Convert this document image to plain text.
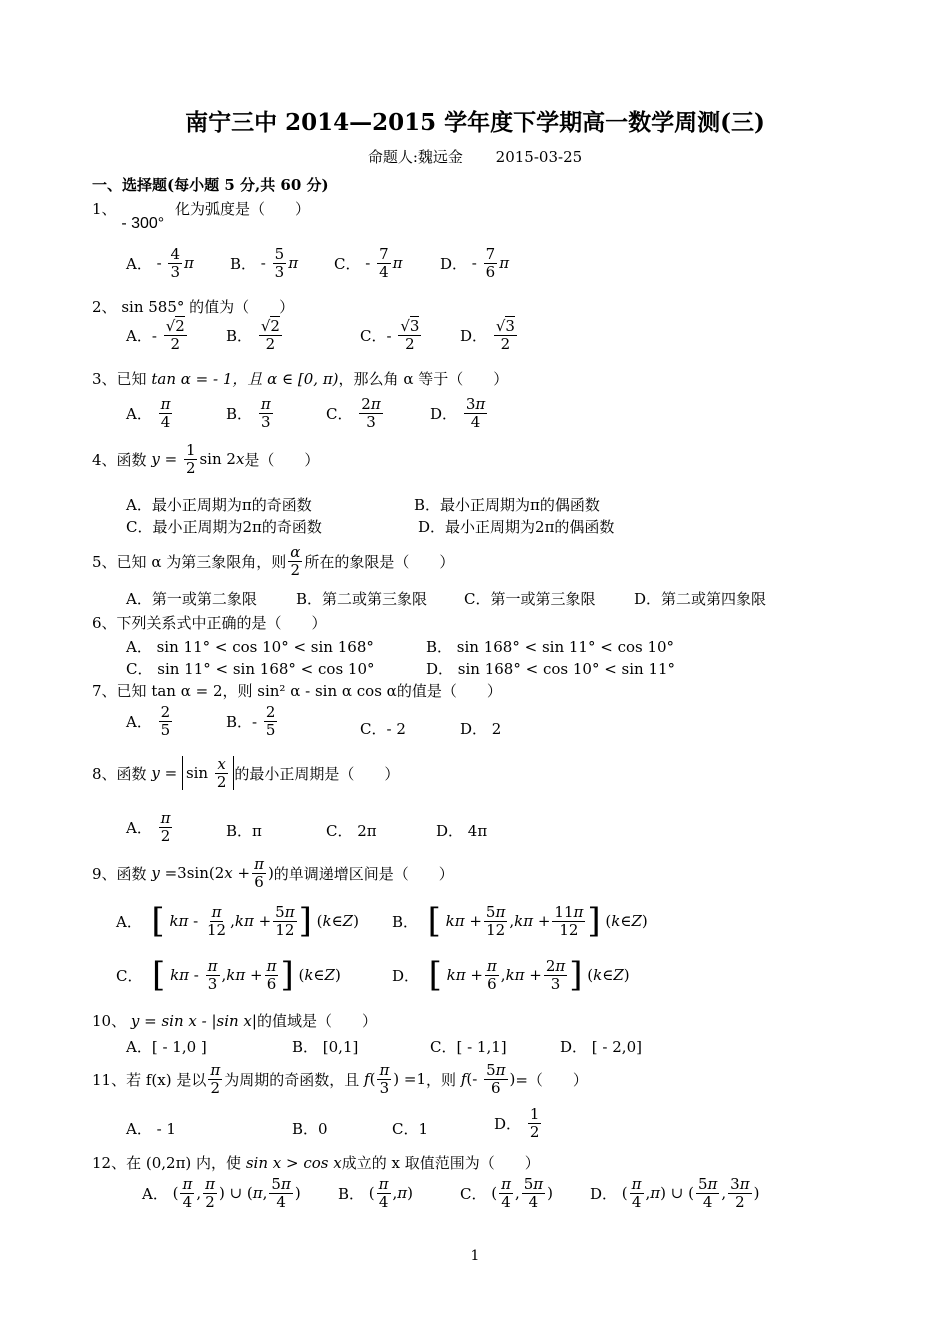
南宁三中 2014—2015 学年度下学期高一数学周测(三)
命题人:魏远金 2015-03-25
一、选择题(每小题 5 分,共 60 分)
1、 - 300° 化为弧度是（　　）
A． - $\frac{4}{3}$ π B． - $\frac{5}{3}$ π C． - $\frac{7}{4}$ π	D． - $\frac{7}{6}$ π
2、 sin 585° 的值为（　　）
A．-
$\frac{√2}{2}$	B．
$\frac{√2}{2}$	C．-
$\frac{√3}{2}$	D．
$\frac{√3}{2}$
3、已知 tan α = - 1，且 α ∈ [0, π)，那么角 α 等于（　　）
A．
$\frac{\pi}{4}$	B．
$\frac{\pi}{3}$	C．
$\frac{2\pi}{3}$	D．
$\frac{3\pi}{4}$
4、 函数
$y = \frac{1}{2}$ sin 2 x 是（　　）
A．最小正周期为π的奇函数	B．最小正周期为π的偶函数
C．最小正周期为2π的奇函数	D．最小正周期为2π的偶函数
5、 已知 α 为第三象限角，则 $\frac{\alpha}{2}$ 所在的象限是（　　）
A．第一或第二象限	B．第二或第三象限 C．第一或第三象限	D．第二或第四象限
6、下列关系式中正确的是（　　）
A． sin 11° < cos 10° < sin 168°	B． sin 168° < sin 11° < cos 10°
C． sin 11° < sin 168° < cos 10°	D． sin 168° < cos 10° < sin 11°
7、已知 tan α = 2，则 sin² α - sin α cos α的值是（　　）
A．
$\frac{2}{5}$	B．-
$\frac{2}{5}$	C．- 2	D． 2
8、 函数
$y = \sin \frac{x}{2}$ 的最小正周期是（　　）
A．
$\frac{\pi}{2}$	B．π	C． 2π	D． 4π
9、 函数
y =3sin(2 $x + \frac{\pi}{6}$ ) 的单调递增区间是（　　）
A．
[
kπ - $\frac{\pi}{12}$ , $k\pi + \frac{5\pi}{12}$ ] ( k ∈ Z ) B．
[
$k\pi + \frac{5\pi}{12}$ , $k\pi + \frac{11\pi}{12}$ ] ( k ∈ Z )
C．
[
kπ - $\frac{\pi}{3}$ , $k\pi + \frac{\pi}{6}$ ] ( k ∈ Z )	D．
[
$k\pi + \frac{\pi}{6}$ , $k\pi + \frac{2\pi}{3}$ ] ( k ∈ Z )
10、 y = sin x - |sin x|的值域是（　　）
A．[ - 1,0 ]	B． [0,1]	C．[ - 1,1]	D． [ - 2,0]
11、 若 f(x) 是以 $\frac{\pi}{2}$ 为周期的奇函数，且
f ( $\frac{\pi}{3}$ ) =1 ，则
f (- $\frac{5\pi}{6}$ ) =（　　）
A． - 1	B．0	C．1	D．
$\frac{1}{2}$
12、在 (0,2π) 内，使 sin x > cos x成立的 x 取值范围为（　　）
A． ( $\frac{\pi}{4}$ , $\frac{\pi}{2}$ ) ∪ ( π , $\frac{5\pi}{4}$ ) B． ( $\frac{\pi}{4}$ , π )	C． ( $\frac{\pi}{4}$ , $\frac{5\pi}{4}$ ) D． ( $\frac{\pi}{4}$ , π ) ∪ ( $\frac{5\pi}{4}$ , $\frac{3\pi}{2}$ )
1
